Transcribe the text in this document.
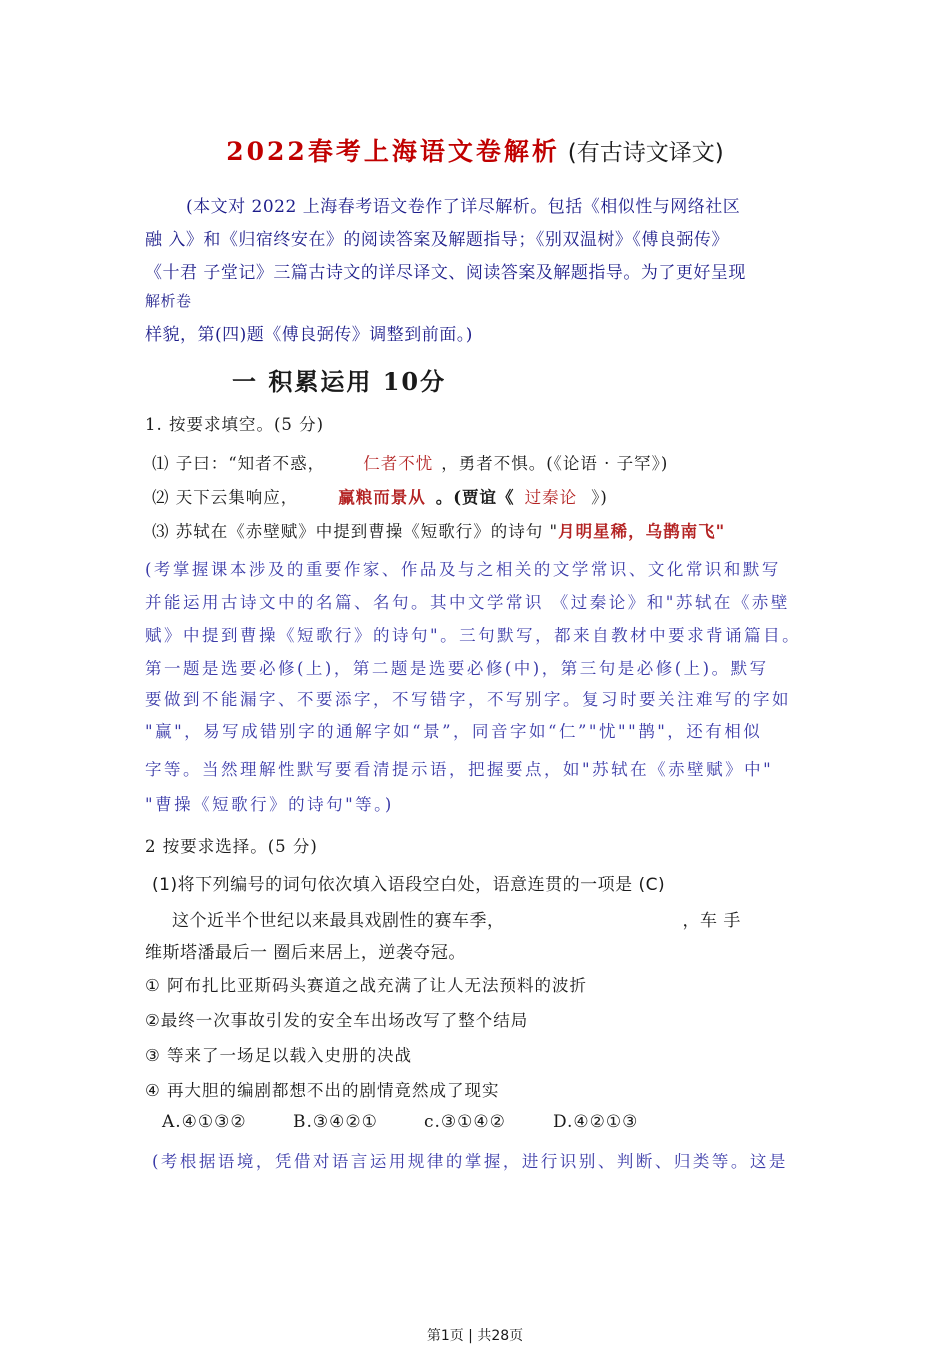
2022春考上海语文卷解析 (有古诗文译文)
(本文对 2022 上海春考语文卷作了详尽解析。包括《相似性与网络社区
融 入》和《归宿终安在》的阅读答案及解题指导；《别双温树》《傅良弼传》
《十君 子堂记》三篇古诗文的详尽译文、阅读答案及解题指导。为了更好呈现
解析卷
样貌，第(四)题《傅良弼传》调整到前面。)
一 积累运用 10分
1. 按要求填空。(5 分)
⑴ 子曰：“知者不惑， 仁者不忧 ，勇者不惧。(《论语 · 子罕》)
⑵ 天下云集响应， 赢粮而景从 。(贾谊《 过秦论 》)
⑶ 苏轼在《赤壁赋》中提到曹操《短歌行》的诗句 "月明星稀，乌鹊南飞"
(考掌握课本涉及的重要作家、作品及与之相关的文学常识、文化常识和默写
并能运用古诗文中的名篇、名句。其中文学常识 《过秦论》和"苏轼在《赤壁
赋》中提到曹操《短歌行》的诗句"。三句默写，都来自教材中要求背诵篇目。
第一题是选要必修(上)，第二题是选要必修(中)，第三句是必修(上)。默写
要做到不能漏字、不要添字，不写错字，不写别字。复习时要关注难写的字如
"赢"，易写成错别字的通解字如“景”，同音字如“仁”"忧""鹊"，还有相似
字等。当然理解性默写要看清提示语，把握要点，如"苏轼在《赤壁赋》中"
"曹操《短歌行》的诗句"等。)
2 按要求选择。(5 分)
(1)将下列编号的词句依次填入语段空白处，语意连贯的一项是 (C)
这个近半个世纪以来最具戏剧性的赛车季，	，车 手
维斯塔潘最后一 圈后来居上，逆袭夺冠。
① 阿布扎比亚斯码头赛道之战充满了让人无法预料的波折
②最终一次事故引发的安全车出场改写了整个结局
③ 等来了一场足以载入史册的决战
④ 再大胆的编剧都想不出的剧情竟然成了现实
A.④①③②	B.③④②①	c.③①④②	D.④②①③
(考根据语境，凭借对语言运用规律的掌握，进行识别、判断、归类等。这是
第1页 | 共28页
